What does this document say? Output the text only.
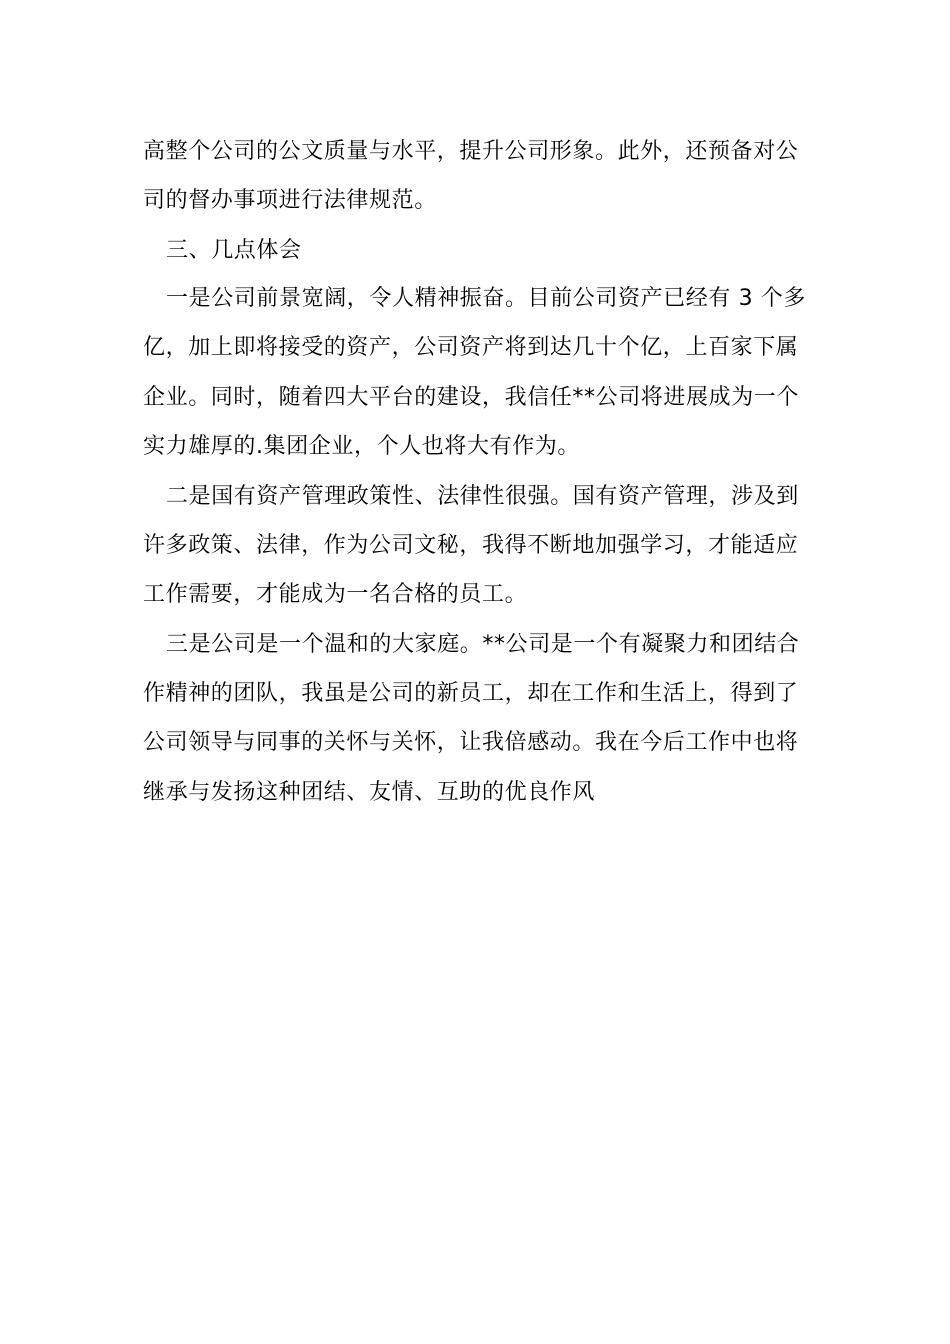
高整个公司的公文质量与水平，提升公司形象。此外，还预备对公
司的督办事项进行法律规范。
三、几点体会
一是公司前景宽阔，令人精神振奋。目前公司资产已经有 3 个多
亿，加上即将接受的资产，公司资产将到达几十个亿，上百家下属
企业。同时，随着四大平台的建设，我信任**公司将进展成为一个
实力雄厚的.集团企业，个人也将大有作为。
二是国有资产管理政策性、法律性很强。国有资产管理，涉及到
许多政策、法律，作为公司文秘，我得不断地加强学习，才能适应
工作需要，才能成为一名合格的员工。
三是公司是一个温和的大家庭。**公司是一个有凝聚力和团结合
作精神的团队，我虽是公司的新员工，却在工作和生活上，得到了
公司领导与同事的关怀与关怀，让我倍感动。我在今后工作中也将
继承与发扬这种团结、友情、互助的优良作风
